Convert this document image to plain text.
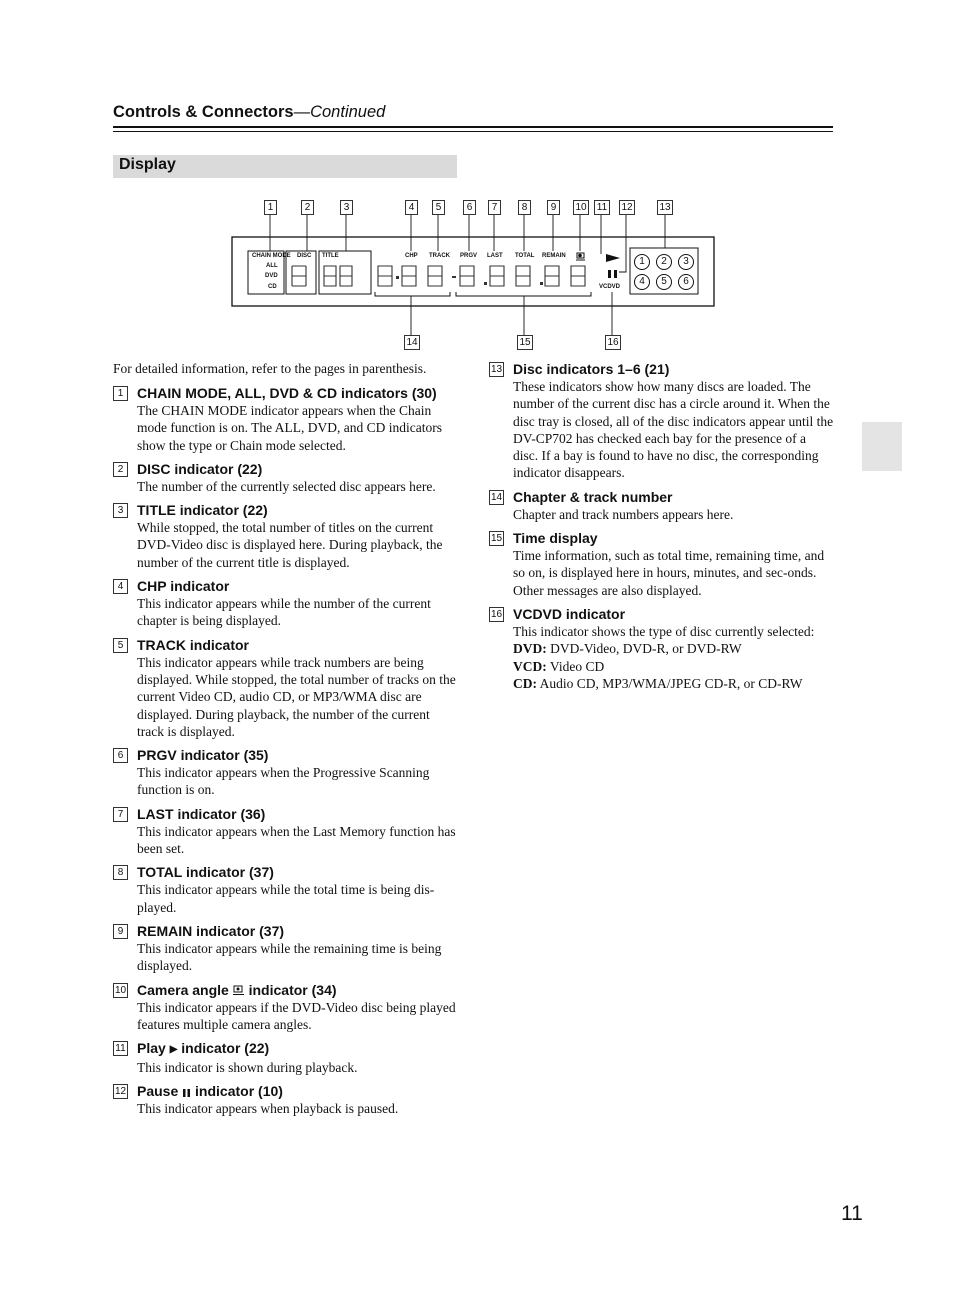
Controls & Connectors—Continued
Display
1	2	3	4	5	6	7	8	9	10 11 12	13
14	15	16
CHAIN MODE
ALL
DVD
CD
DISC TITLE	CHP TRACK PRGV LAST TOTAL REMAIN
VCDVD
1	2	3
4	5	6

For detailed information, refer to the pages in parenthesis.

1 CHAIN MODE, ALL, DVD & CD indicators (30)
The CHAIN MODE indicator appears when the Chain mode function is on. The ALL, DVD, and CD indicators show the type or Chain mode selected.
2 DISC indicator (22)
The number of the currently selected disc appears here.
3 TITLE indicator (22)
While stopped, the total number of titles on the current DVD-Video disc is displayed here. During playback, the number of the current title is displayed.
4 CHP indicator
This indicator appears while the number of the current chapter is being displayed.
5 TRACK indicator
This indicator appears while track numbers are being displayed. While stopped, the total number of tracks on the current Video CD, audio CD, or MP3/WMA disc are displayed. During playback, the number of the current track is displayed.
6 PRGV indicator (35)
This indicator appears when the Progressive Scanning function is on.
7 LAST indicator (36)
This indicator appears when the Last Memory function has been set.
8 TOTAL indicator (37)
This indicator appears while the total time is being dis-played.
9 REMAIN indicator (37)
This indicator appears while the remaining time is being displayed.
10 Camera angle indicator (34)
This indicator appears if the DVD-Video disc being played features multiple camera angles.
11 Play ▶ indicator (22)
This indicator is shown during playback.
12 Pause indicator (10)
This indicator appears when playback is paused.
13 Disc indicators 1–6 (21)
These indicators show how many discs are loaded. The number of the current disc has a circle around it. When the disc tray is closed, all of the disc indicators appear until the DV-CP702 has checked each bay for the presence of a disc. If a bay is found to have no disc, the corresponding indicator disappears.
14 Chapter & track number
Chapter and track numbers appears here.
15 Time display
Time information, such as total time, remaining time, and so on, is displayed here in hours, minutes, and sec-onds. Other messages are also displayed.
16 VCDVD indicator
This indicator shows the type of disc currently selected:
DVD: DVD-Video, DVD-R, or DVD-RW
VCD: Video CD
CD: Audio CD, MP3/WMA/JPEG CD-R, or CD-RW
11
